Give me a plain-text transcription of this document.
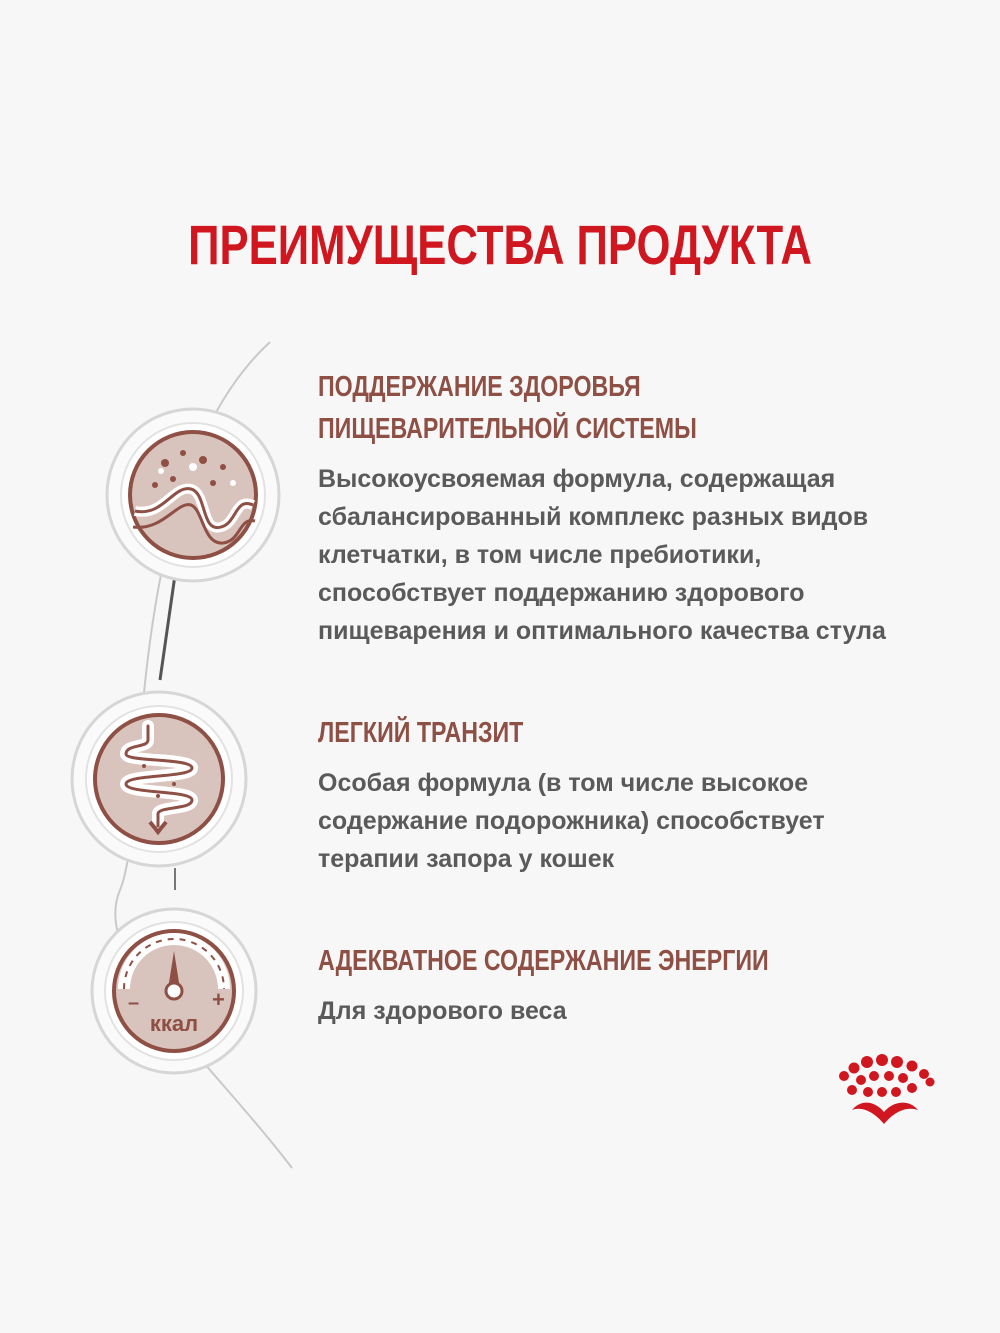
ПРЕИМУЩЕСТВА ПРОДУКТА
–	+
ккал
ПОДДЕРЖАНИЕ ЗДОРОВЬЯ
ПИЩЕВАРИТЕЛЬНОЙ СИСТЕМЫ
Высокоусвояемая формула, содержащая
сбалансированный комплекс разных видов
клетчатки, в том числе пребиотики,
способствует поддержанию здорового
пищеварения и оптимального качества стула
ЛЕГКИЙ ТРАНЗИТ
Особая формула (в том числе высокое
содержание подорожника) способствует
терапии запора у кошек
АДЕКВАТНОЕ СОДЕРЖАНИЕ ЭНЕРГИИ
Для здорового веса
